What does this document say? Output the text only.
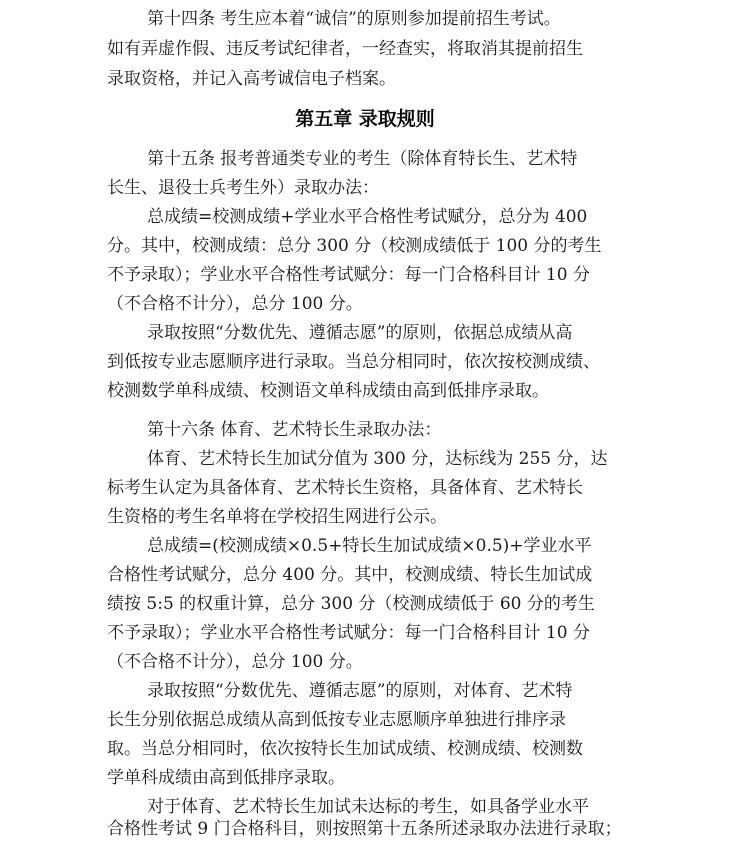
第十四条 考生应本着“诚信”的原则参加提前招生考试。
如有弄虚作假、违反考试纪律者，一经查实，将取消其提前招生
录取资格，并记入高考诚信电子档案。
第五章 录取规则
第十五条 报考普通类专业的考生（除体育特长生、艺术特
长生、退役士兵考生外）录取办法：
总成绩=校测成绩+学业水平合格性考试赋分，总分为 400
分。其中，校测成绩：总分 300 分（校测成绩低于 100 分的考生
不予录取）；学业水平合格性考试赋分：每一门合格科目计 10 分
（不合格不计分），总分 100 分。
录取按照“分数优先、遵循志愿”的原则，依据总成绩从高
到低按专业志愿顺序进行录取。当总分相同时，依次按校测成绩、
校测数学单科成绩、校测语文单科成绩由高到低排序录取。
第十六条 体育、艺术特长生录取办法：
体育、艺术特长生加试分值为 300 分，达标线为 255 分，达
标考生认定为具备体育、艺术特长生资格，具备体育、艺术特长
生资格的考生名单将在学校招生网进行公示。
总成绩=(校测成绩×0.5+特长生加试成绩×0.5)+学业水平
合格性考试赋分，总分 400 分。其中，校测成绩、特长生加试成
绩按 5:5 的权重计算，总分 300 分（校测成绩低于 60 分的考生
不予录取）；学业水平合格性考试赋分：每一门合格科目计 10 分
（不合格不计分），总分 100 分。
录取按照“分数优先、遵循志愿”的原则，对体育、艺术特
长生分别依据总成绩从高到低按专业志愿顺序单独进行排序录
取。当总分相同时，依次按特长生加试成绩、校测成绩、校测数
学单科成绩由高到低排序录取。
对于体育、艺术特长生加试未达标的考生，如具备学业水平
合格性考试 9 门合格科目，则按照第十五条所述录取办法进行录取；
